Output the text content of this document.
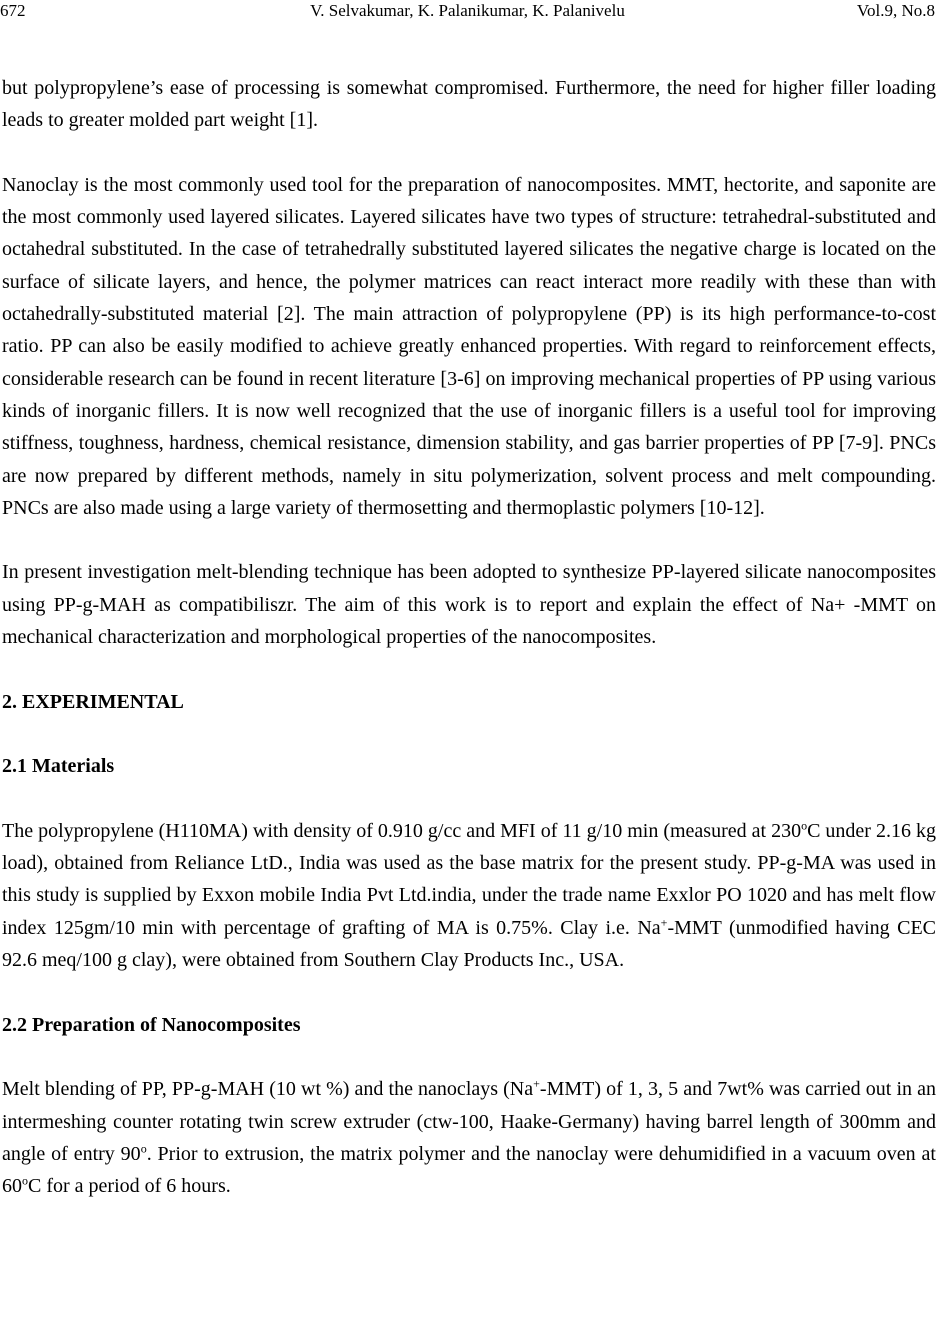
672	V. Selvakumar, K. Palanikumar, K. Palanivelu	Vol.9, No.8

but polypropylene’s ease of processing is somewhat compromised. Furthermore, the need for higher filler loading leads to greater molded part weight [1].

Nanoclay is the most commonly used tool for the preparation of nanocomposites. MMT, hectorite, and saponite are the most commonly used layered silicates. Layered silicates have two types of structure: tetrahedral-substituted and octahedral substituted. In the case of tetrahedrally substituted layered silicates the negative charge is located on the surface of silicate layers, and hence, the polymer matrices can react interact more readily with these than with octahedrally-substituted material [2]. The main attraction of polypropylene (PP) is its high performance-to-cost ratio. PP can also be easily modified to achieve greatly enhanced properties. With regard to reinforcement effects, considerable research can be found in recent literature [3-6] on improving mechanical properties of PP using various kinds of inorganic fillers. It is now well recognized that the use of inorganic fillers is a useful tool for improving stiffness, toughness, hardness, chemical resistance, dimension stability, and gas barrier properties of PP [7-9]. PNCs are now prepared by different methods, namely in situ polymerization, solvent process and melt compounding. PNCs are also made using a large variety of thermosetting and thermoplastic polymers [10-12].

In present investigation melt-blending technique has been adopted to synthesize PP-layered silicate nanocomposites using PP-g-MAH as compatibiliszr. The aim of this work is to report and explain the effect of Na+ -MMT on mechanical characterization and morphological properties of the nanocomposites.

2. EXPERIMENTAL
2.1 Materials

The polypropylene (H110MA) with density of 0.910 g/cc and MFI of 11 g/10 min (measured at 230$^o$C under 2.16 kg load), obtained from Reliance LtD., India was used as the base matrix for the present study. PP-g-MA was used in this study is supplied by Exxon mobile India Pvt Ltd.india, under the trade name Exxlor PO 1020 and has melt flow index 125gm/10 min with percentage of grafting of MA is 0.75%. Clay i.e. Na+-MMT (unmodified having CEC 92.6 meq/100 g clay), were obtained from Southern Clay Products Inc., USA.

2.2 Preparation of Nanocomposites

Melt blending of PP, PP-g-MAH (10 wt %) and the nanoclays (Na+-MMT) of 1, 3, 5 and 7wt% was carried out in an intermeshing counter rotating twin screw extruder (ctw-100, Haake-Germany) having barrel length of 300mm and angle of entry 90$^o$. Prior to extrusion, the matrix polymer and the nanoclay were dehumidified in a vacuum oven at 60$^o$C for a period of 6 hours.
